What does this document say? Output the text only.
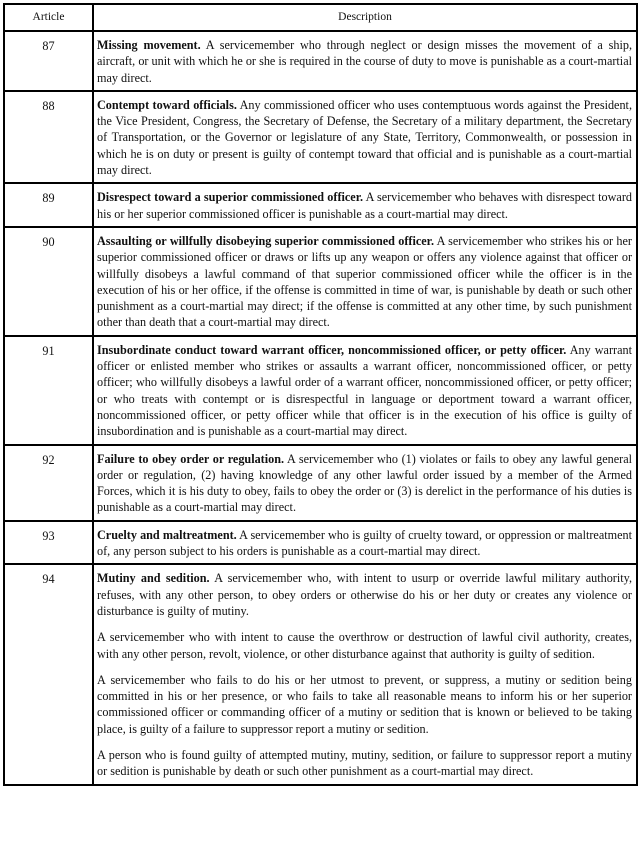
Article	Description
87	Missing movement. A servicemember who through neglect or design misses the movement of a ship, aircraft, or unit with which he or she is required in the course of duty to move is punishable as a court-martial may direct.

88	Contempt toward officials. Any commissioned officer who uses contemptuous words against the President, the Vice President, Congress, the Secretary of Defense, the Secretary of a military department, the Secretary of Transportation, or the Governor or legislature of any State, Territory, Commonwealth, or possession in which he is on duty or present is guilty of contempt toward that official and is punishable as a court-martial may direct.

89	Disrespect toward a superior commissioned officer. A servicemember who behaves with disrespect toward his or her superior commissioned officer is punishable as a court-martial may direct.

90	Assaulting or willfully disobeying superior commissioned officer. A servicemember who strikes his or her superior commissioned officer or draws or lifts up any weapon or offers any violence against that officer or willfully disobeys a lawful command of that superior commissioned officer while the officer is in the execution of his or her office, if the offense is committed in time of war, is punishable by death or such other punishment as a court-martial may direct; if the offense is committed at any other time, by such punishment other than death that a court-martial may direct.

91	Insubordinate conduct toward warrant officer, noncommissioned officer, or petty officer. Any warrant officer or enlisted member who strikes or assaults a warrant officer, noncommissioned officer, or petty officer; who willfully disobeys a lawful order of a warrant officer, noncommissioned officer, or petty officer; or who treats with contempt or is disrespectful in language or deportment toward a warrant officer, noncommissioned officer, or petty officer while that officer is in the execution of his office is guilty of insubordination and is punishable as a court-martial may direct.

92	Failure to obey order or regulation. A servicemember who (1) violates or fails to obey any lawful general order or regulation, (2) having knowledge of any other lawful order issued by a member of the Armed Forces, which it is his duty to obey, fails to obey the order or (3) is derelict in the performance of his duties is punishable as a court-martial may direct.

93	Cruelty and maltreatment. A servicemember who is guilty of cruelty toward, or oppression or maltreatment of, any person subject to his orders is punishable as a court-martial may direct.

94	Mutiny and sedition. A servicemember who, with intent to usurp or override lawful military authority, refuses, with any other person, to obey orders or otherwise do his or her duty or creates any violence or disturbance is guilty of mutiny.

A servicemember who with intent to cause the overthrow or destruction of lawful civil authority, creates, with any other person, revolt, violence, or other disturbance against that authority is guilty of sedition.

A servicemember who fails to do his or her utmost to prevent, or suppress, a mutiny or sedition being committed in his or her presence, or who fails to take all reasonable means to inform his or her superior commissioned officer or commanding officer of a mutiny or sedition that is known or believed to be taking place, is guilty of a failure to suppressor report a mutiny or sedition.

A person who is found guilty of attempted mutiny, mutiny, sedition, or failure to suppressor report a mutiny or sedition is punishable by death or such other punishment as a court-martial may direct.
